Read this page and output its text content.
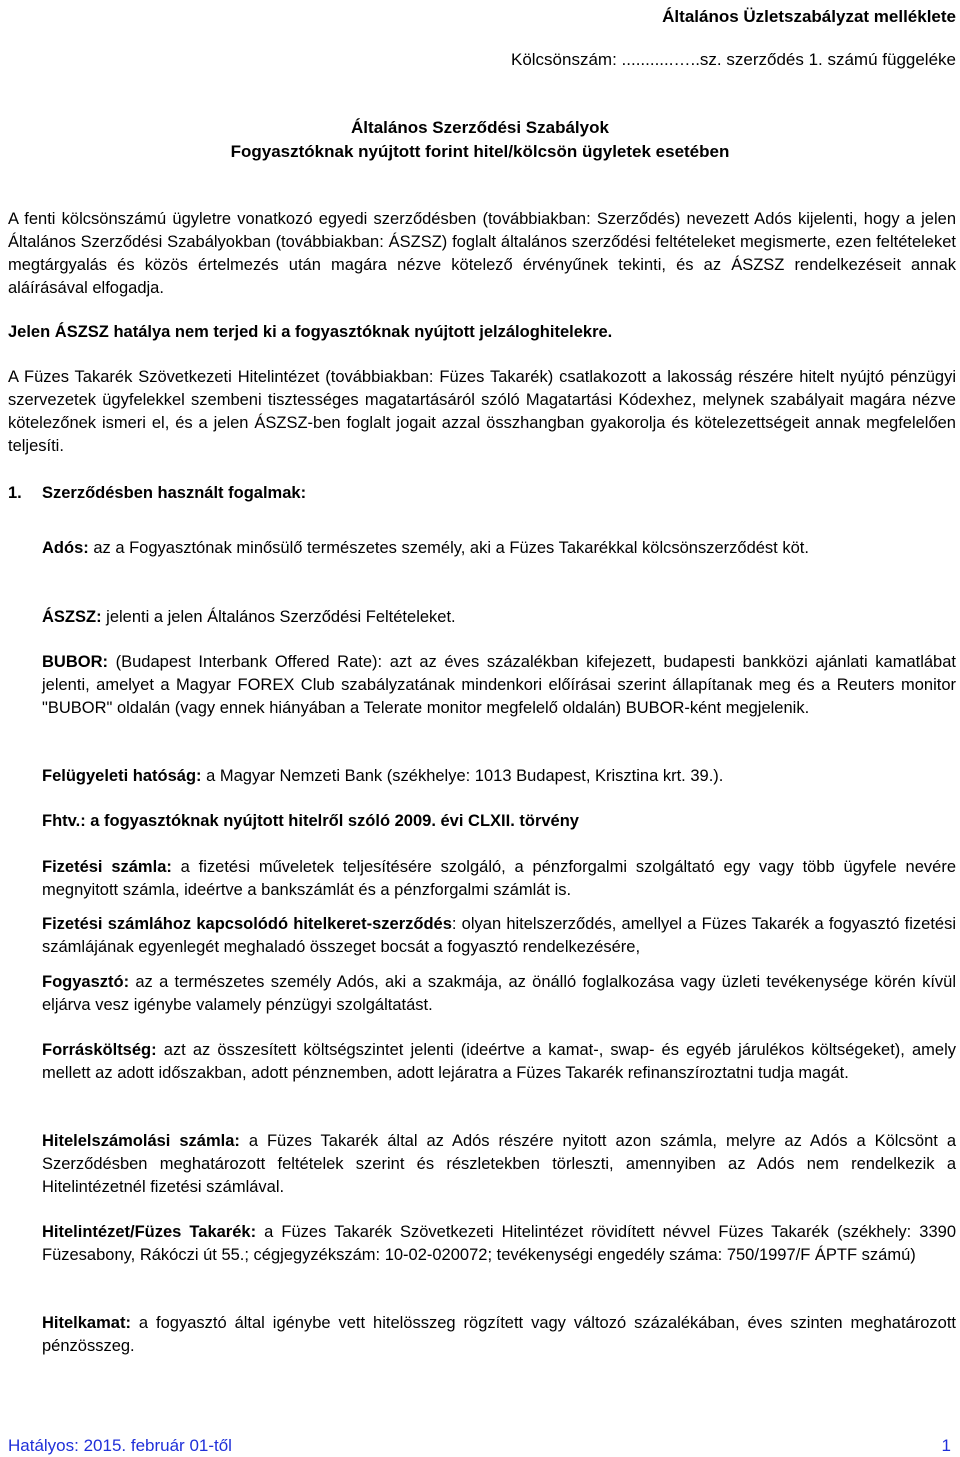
Általános Üzletszabályzat melléklete
Kölcsönszám: ...........…..sz. szerződés 1. számú függeléke
Általános Szerződési Szabályok
Fogyasztóknak nyújtott forint hitel/kölcsön ügyletek esetében

A fenti kölcsönszámú ügyletre vonatkozó egyedi szerződésben (továbbiakban: Szerződés) nevezett Adós kijelenti, hogy a jelen Általános Szerződési Szabályokban (továbbiakban: ÁSZSZ) foglalt általános szerződési feltételeket megismerte, ezen feltételeket megtárgyalás és közös értelmezés után magára nézve kötelező érvényűnek tekinti, és az ÁSZSZ rendelkezéseit annak aláírásával elfogadja.

Jelen ÁSZSZ hatálya nem terjed ki a fogyasztóknak nyújtott jelzáloghitelekre.

A Füzes Takarék Szövetkezeti Hitelintézet (továbbiakban: Füzes Takarék) csatlakozott a lakosság részére hitelt nyújtó pénzügyi szervezetek ügyfelekkel szembeni tisztességes magatartásáról szóló Magatartási Kódexhez, melynek szabályait magára nézve kötelezőnek ismeri el, és a jelen ÁSZSZ-ben foglalt jogait azzal összhangban gyakorolja és kötelezettségeit annak megfelelően teljesíti.

1. Szerződésben használt fogalmak:

Adós: az a Fogyasztónak minősülő természetes személy, aki a Füzes Takarékkal kölcsönszerződést köt.

ÁSZSZ: jelenti a jelen Általános Szerződési Feltételeket.

BUBOR: (Budapest Interbank Offered Rate): azt az éves százalékban kifejezett, budapesti bankközi ajánlati kamatlábat jelenti, amelyet a Magyar FOREX Club szabályzatának mindenkori előírásai szerint állapítanak meg és a Reuters monitor "BUBOR" oldalán (vagy ennek hiányában a Telerate monitor megfelelő oldalán) BUBOR-ként megjelenik.

Felügyeleti hatóság: a Magyar Nemzeti Bank (székhelye: 1013 Budapest, Krisztina krt. 39.).

Fhtv.: a fogyasztóknak nyújtott hitelről szóló 2009. évi CLXII. törvény

Fizetési számla: a fizetési műveletek teljesítésére szolgáló, a pénzforgalmi szolgáltató egy vagy több ügyfele nevére megnyitott számla, ideértve a bankszámlát és a pénzforgalmi számlát is.

Fizetési számlához kapcsolódó hitelkeret-szerződés: olyan hitelszerződés, amellyel a Füzes Takarék a fogyasztó fizetési számlájának egyenlegét meghaladó összeget bocsát a fogyasztó rendelkezésére,

Fogyasztó: az a természetes személy Adós, aki a szakmája, az önálló foglalkozása vagy üzleti tevékenysége körén kívül eljárva vesz igénybe valamely pénzügyi szolgáltatást.

Forrásköltség: azt az összesített költségszintet jelenti (ideértve a kamat-, swap- és egyéb járulékos költségeket), amely mellett az adott időszakban, adott pénznemben, adott lejáratra a Füzes Takarék refinanszíroztatni tudja magát.

Hitelelszámolási számla: a Füzes Takarék által az Adós részére nyitott azon számla, melyre az Adós a Kölcsönt a Szerződésben meghatározott feltételek szerint és részletekben törleszti, amennyiben az Adós nem rendelkezik a Hitelintézetnél fizetési számlával.

Hitelintézet/Füzes Takarék: a Füzes Takarék Szövetkezeti Hitelintézet rövidített névvel Füzes Takarék (székhely: 3390 Füzesabony, Rákóczi út 55.; cégjegyzékszám: 10-02-020072; tevékenységi engedély száma: 750/1997/F ÁPTF számú)

Hitelkamat: a fogyasztó által igénybe vett hitelösszeg rögzített vagy változó százalékában, éves szinten meghatározott pénzösszeg.

Hatályos: 2015. február 01-től	1
